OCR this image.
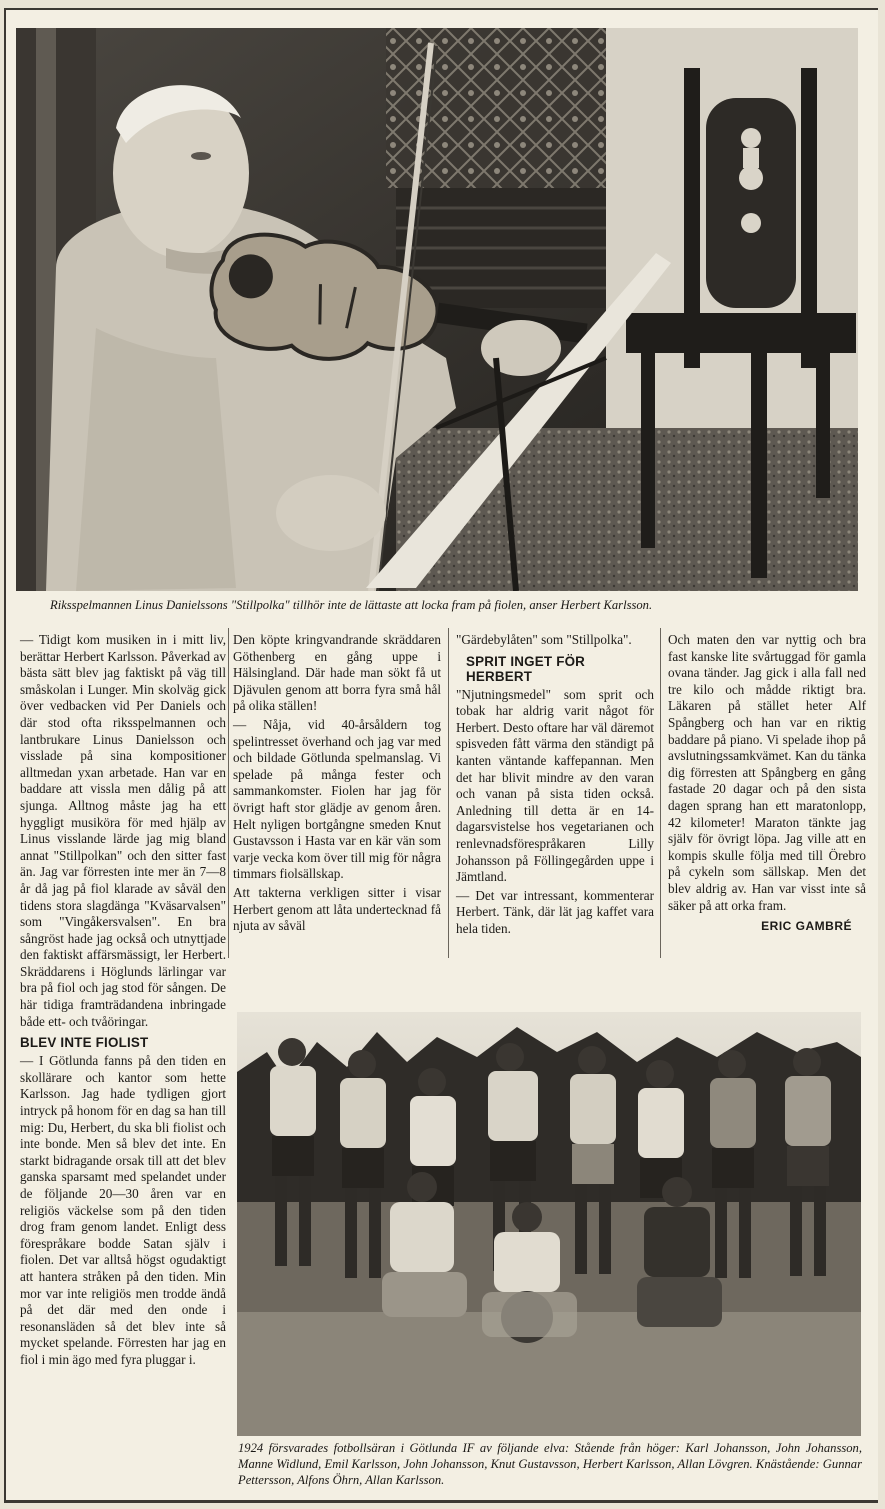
Riksspelmannen Linus Danielssons "Stillpolka" tillhör inte de lättaste att locka fram på fiolen, anser Herbert Karlsson.

— Tidigt kom musiken in i mitt liv, berättar Herbert Karlsson. Påverkad av bästa sätt blev jag faktiskt på väg till småskolan i Lunger. Min skolväg gick över vedbacken vid Per Daniels och där stod ofta riksspelmannen och lantbrukare Linus Danielsson och visslade på sina kompositioner alltmedan yxan arbetade. Han var en baddare att vissla men dålig på att sjunga. Alltnog måste jag ha ett hyggligt musiköra för med hjälp av Linus visslande lärde jag mig bland annat "Stillpolkan" och den sitter fast än. Jag var förresten inte mer än 7—8 år då jag på fiol klarade av såväl den tidens stora slagdänga "Kväsarvalsen" som "Vingåkersvalsen". En bra sångröst hade jag också och utnyttjade den faktiskt affärsmässigt, ler Herbert. Skräddarens i Höglunds lärlingar var bra på fiol och jag stod för sången. De här tidiga framträdandena inbringade både ett- och tvåöringar.

BLEV INTE FIOLIST

— I Götlunda fanns på den tiden en skollärare och kantor som hette Karlsson. Jag hade tydligen gjort intryck på honom för en dag sa han till mig: Du, Herbert, du ska bli fiolist och inte bonde. Men så blev det inte. En starkt bidragande orsak till att det blev ganska sparsamt med spelandet under de följande 20—30 åren var en religiös väckelse som på den tiden drog fram genom landet. Enligt dess förespråkare bodde Satan själv i fiolen. Det var alltså högst ogudaktigt att hantera stråken på den tiden. Min mor var inte religiös men trodde ändå på det där med den onde i resonansläden så det blev inte så mycket spelande. Förresten har jag en fiol i min ägo med fyra pluggar i.

Den köpte kringvandrande skräddaren Göthenberg en gång uppe i Hälsingland. Där hade man sökt få ut Djävulen genom att borra fyra små hål på olika ställen!

— Nåja, vid 40-årsåldern tog spelintresset överhand och jag var med och bildade Götlunda spelmanslag. Vi spelade på många fester och sammankomster. Fiolen har jag för övrigt haft stor glädje av genom åren. Helt nyligen bortgångne smeden Knut Gustavsson i Hasta var en kär vän som varje vecka kom över till mig för några timmars fiolsällskap.

Att takterna verkligen sitter i visar Herbert genom att låta undertecknad få njuta av såväl

"Gärdebylåten" som "Stillpolka".

SPRIT INGET FÖR HERBERT

"Njutningsmedel" som sprit och tobak har aldrig varit något för Herbert. Desto oftare har väl däremot spisveden fått värma den ständigt på kanten väntande kaffepannan. Men det har blivit mindre av den varan och vanan på sista tiden också. Anledning till detta är en 14-dagarsvistelse hos vegetarianen och renlevnadsförespråkaren Lilly Johansson på Föllingegården uppe i Jämtland.

— Det var intressant, kommenterar Herbert. Tänk, där lät jag kaffet vara hela tiden.

Och maten den var nyttig och bra fast kanske lite svårtuggad för gamla ovana tänder. Jag gick i alla fall ned tre kilo och mådde riktigt bra. Läkaren på stället heter Alf Spångberg och han var en riktig baddare på piano. Vi spelade ihop på avslutningssamkvämet. Kan du tänka dig förresten att Spångberg en gång fastade 20 dagar och på den sista dagen sprang han ett maratonlopp, 42 kilometer! Maraton tänkte jag själv för övrigt löpa. Jag ville att en kompis skulle följa med till Örebro på cykeln som sällskap. Men det blev aldrig av. Han var visst inte så säker på att orka fram.

ERIC GAMBRÉ
1924 försvarades fotbollsäran i Götlunda IF av följande elva: Stående från höger: Karl Johansson, John Johansson, Manne Widlund, Emil Karlsson, John Johansson, Knut Gustavsson, Herbert Karlsson, Allan Lövgren. Knästående: Gunnar Pettersson, Alfons Öhrn, Allan Karlsson.
